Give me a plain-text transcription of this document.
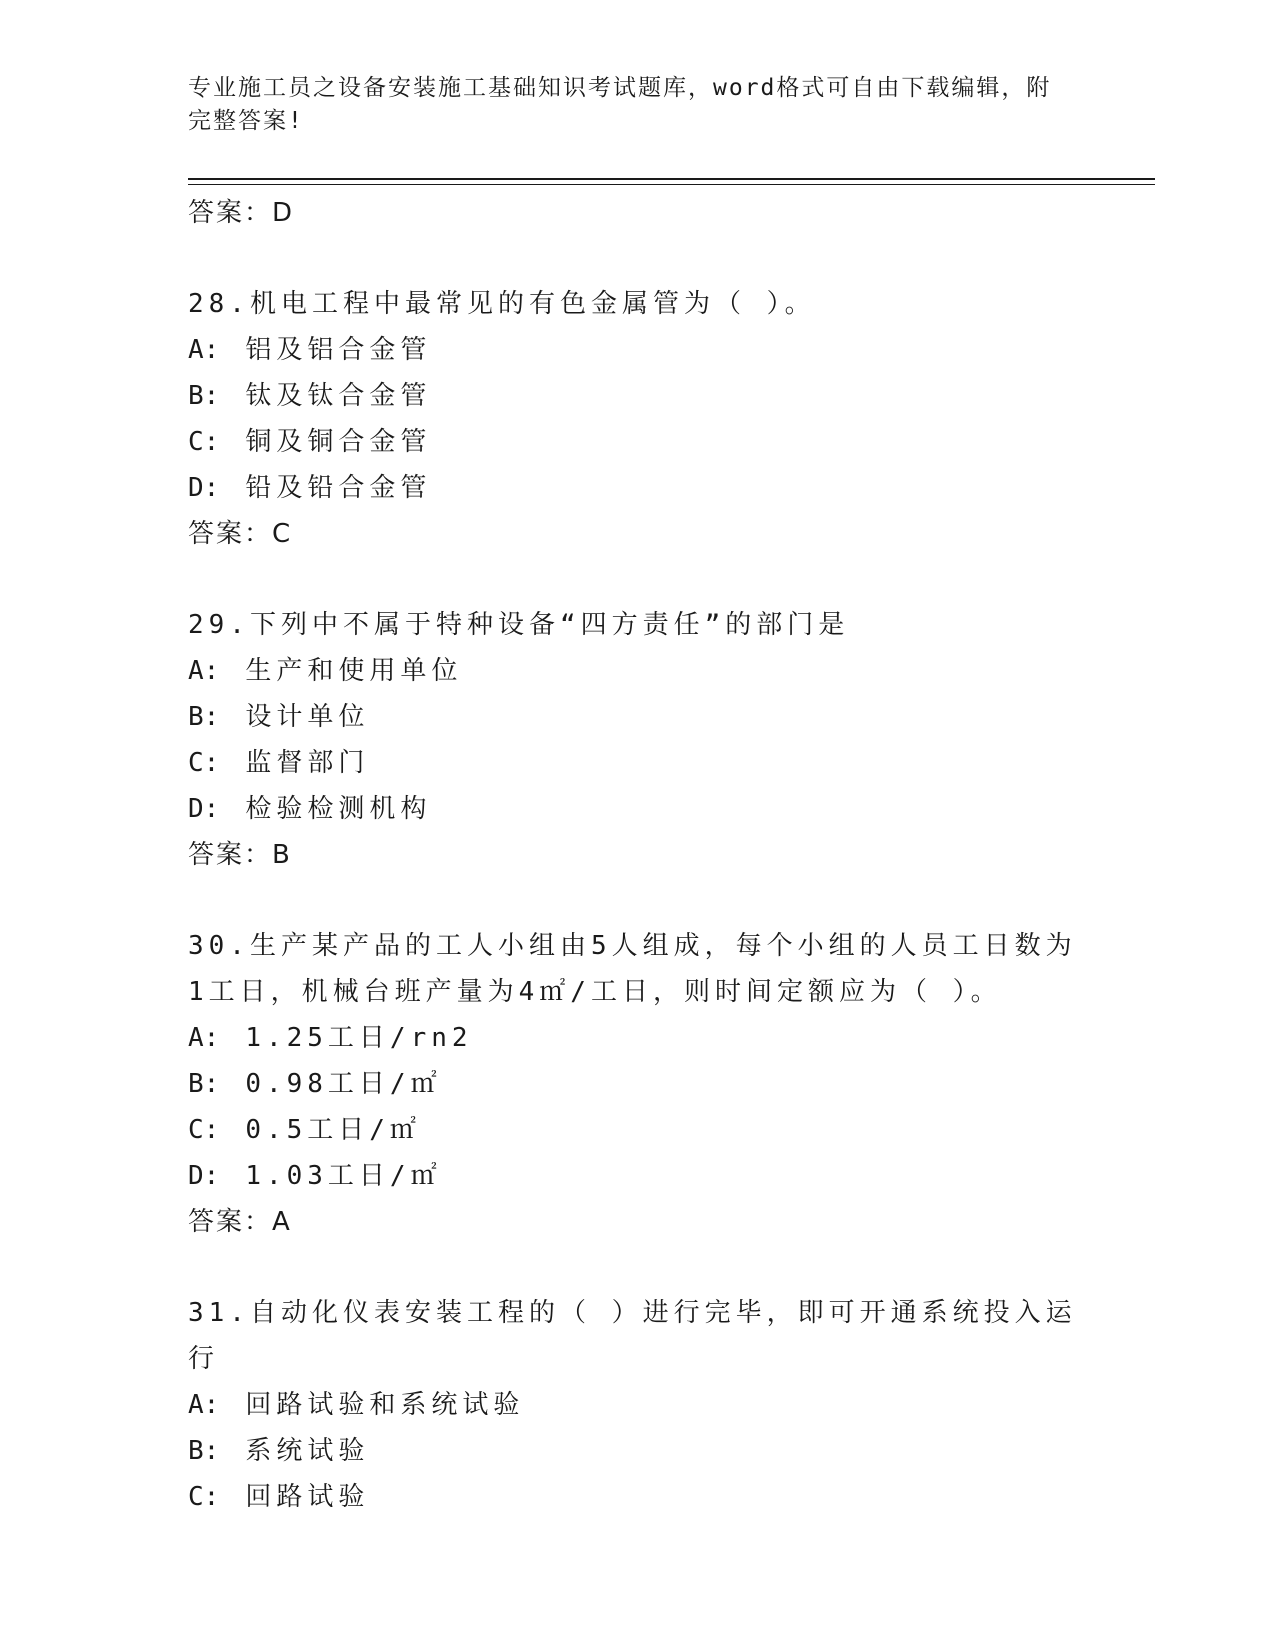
专业施工员之设备安装施工基础知识考试题库，word格式可自由下载编辑，附完整答案!
答案：D
28.机电工程中最常见的有色金属管为（ ）。
A: 铝及铝合金管
B: 钛及钛合金管
C: 铜及铜合金管
D: 铅及铅合金管
答案：C
29.下列中不属于特种设备“四方责任”的部门是
A: 生产和使用单位
B: 设计单位
C: 监督部门
D: 检验检测机构
答案：B
30.生产某产品的工人小组由5人组成，每个小组的人员工日数为1工日，机械台班产量为4㎡/工日，则时间定额应为（ ）。
A: 1.25工日/rn2
B: 0.98工日/㎡
C: 0.5工日/㎡
D: 1.03工日/㎡
答案：A
31.自动化仪表安装工程的（ ）进行完毕，即可开通系统投入运行
A: 回路试验和系统试验
B: 系统试验
C: 回路试验
